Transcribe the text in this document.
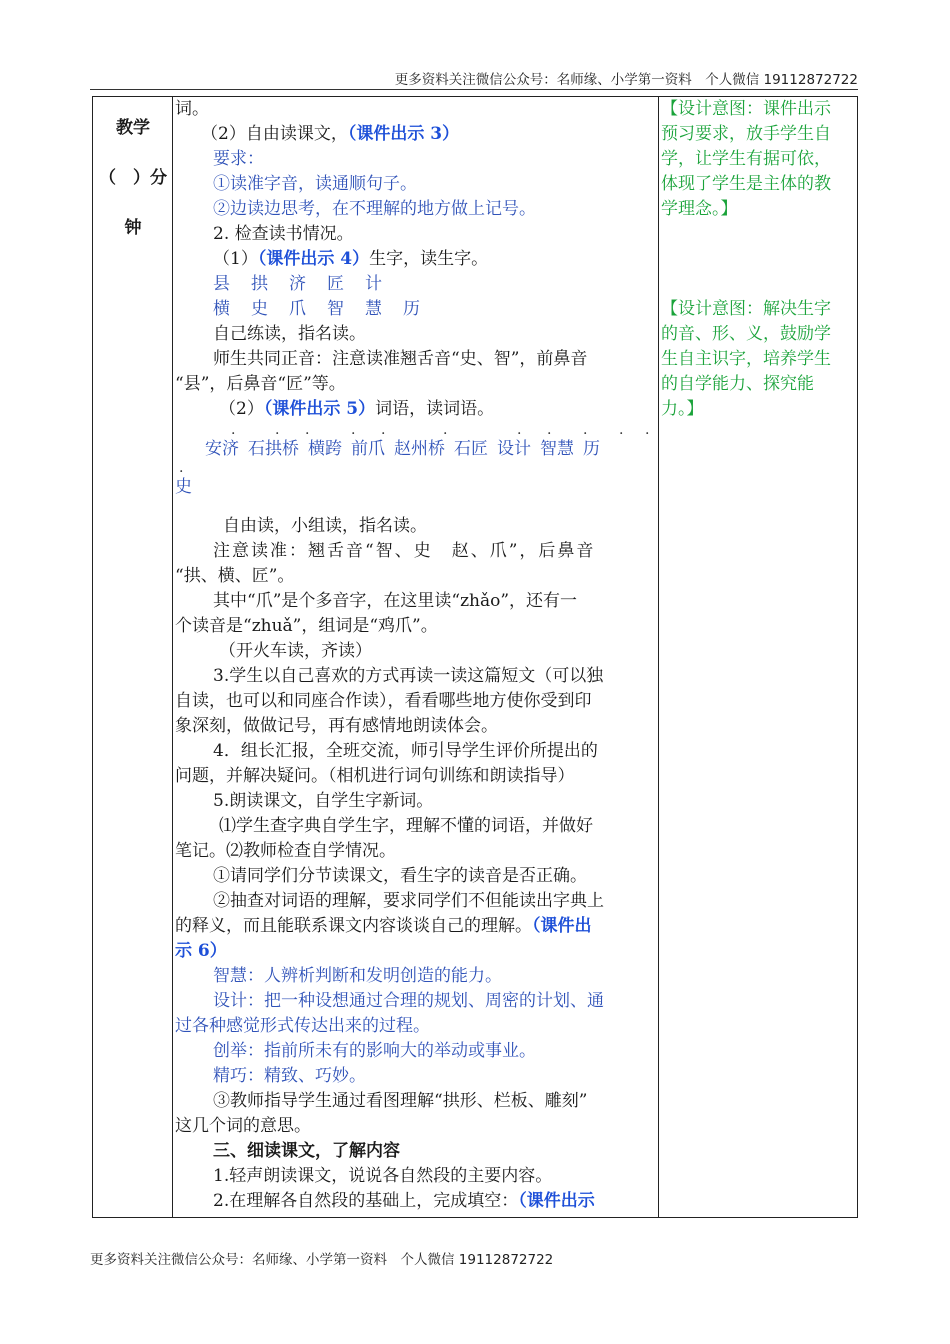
更多资料关注微信公众号：名师缘、小学第一资料　个人微信 19112872722
教学
（　）分
钟

词。

（2）自由读课文，（课件出示 3）

要求：

①读准字音，读通顺句子。

②边读边思考，在不理解的地方做上记号。

2. 检查读书情况。

（1）（课件出示 4）生字，读生字。

县 拱 济 匠 计

横 史 爪 智 慧 历

自己练读，指名读。

师生共同正音：注意读准翘舌音“史、智”，前鼻音

“县”，后鼻音“匠”等。

（2）（课件出示 5）词语，读词语。

.	. .	. .	.	. . . . .

安济 石拱桥 横跨 前爪 赵州桥 石匠 设计 智慧 历

.

史

自由读，小组读，指名读。

注意读准：翘舌音“智、史　赵、爪”，后鼻音

“拱、横、匠”。

其中“爪”是个多音字，在这里读“zhǎo”，还有一

个读音是“zhuǎ”，组词是“鸡爪”。

（开火车读，齐读）

3.学生以自己喜欢的方式再读一读这篇短文（可以独

自读，也可以和同座合作读），看看哪些地方使你受到印

象深刻，做做记号，再有感情地朗读体会。

4．组长汇报，全班交流，师引导学生评价所提出的

问题，并解决疑问。（相机进行词句训练和朗读指导）

5.朗读课文，自学生字新词。

⑴学生查字典自学生字，理解不懂的词语，并做好

笔记。⑵教师检查自学情况。

①请同学们分节读课文，看生字的读音是否正确。

②抽查对词语的理解，要求同学们不但能读出字典上

的释义，而且能联系课文内容谈谈自己的理解。（课件出

示 6）

智慧：人辨析判断和发明创造的能力。

设计：把一种设想通过合理的规划、周密的计划、通

过各种感觉形式传达出来的过程。

创举：指前所未有的影响大的举动或事业。

精巧：精致、巧妙。

③教师指导学生通过看图理解“拱形、栏板、雕刻”

这几个词的意思。

三、细读课文，了解内容

1.轻声朗读课文，说说各自然段的主要内容。

2.在理解各自然段的基础上，完成填空：（课件出示

【设计意图：课件出示

预习要求，放手学生自

学，让学生有据可依，

体现了学生是主体的教

学理念。】

【设计意图：解决生字

的音、形、义，鼓励学

生自主识字，培养学生

的自学能力、探究能

力。】

更多资料关注微信公众号：名师缘、小学第一资料　个人微信 19112872722
